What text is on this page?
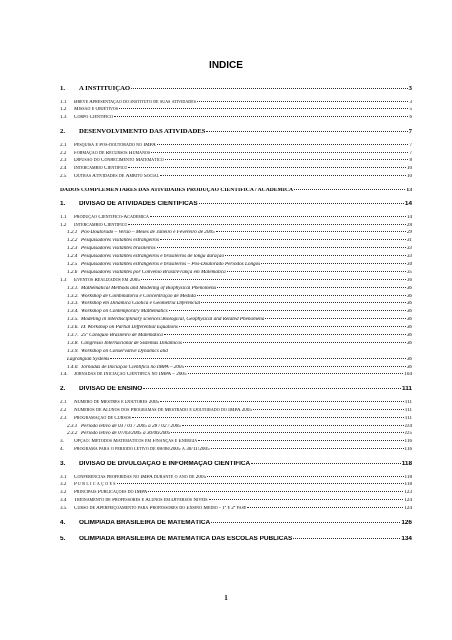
INDICE
1.	A INSTITUIÇÃO	3
1.1	Breve Apresentação do Instituto de suas atividades	3
1.2	Missão e Objetivos	5
1.3	Corpo Científico	6
2.	DESENVOLVIMENTO DAS ATIVIDADES	7
2.1	Pesquisa e Pós-doutorado no IMPA	7
2.2	Formação de Recursos Humanos	7
2.3	Difusão do Conhecimento Matemático	8
2.4	Intercâmbio Científico	10
2.5	Outras Atividades de Âmbito Social	10
DADOS COMPLEMENTARES DAS ATIVIDADES PRODUÇÃO CIENTÍFICA / ACADÊMICA	13
1.	DIVISÃO DE ATIVIDADES CIENTÍFICAS	14
1.1	Produção Científico-Acadêmica	14
1.2	Intercâmbio Científico	28
1.2.1 Pós-Doutorado – Verão – Meses de Janeiro e Fevereiro de 2005	29
1.2.2 Pesquisadores visitantes estrangeiros	31
1.2.3 Pesquisadores visitantes brasileiros	33
1.2.4 Pesquisadores visitantes estrangeiros e brasileiros de longa duração	33
1.2.5 Pesquisadores visitantes estrangeiros e brasileiros – Pós-Doutorado Períodos Longos	34
1.2.6 Pesquisadores visitantes por Convênio Brasil/França em Matemática	35
1.3	Eventos Realizados em 2005	36
1.3.1. Mathematical Methods and Modeling of Biophysical Phenomena	36
1.3.2. Workshop de Combinatória e Concentração de Medida	36
1.3.3. Workshop em Dinâmica Caótica e Geometria Diferencial	36
1.3.4. Workshop on Contemporary Mathematics	36
1.3.5. Modeling in interdisciplinary sciences:Biological, Geophysical and Related Phenomena	36
1.3.6. IX Workshop on Partial Differential Equations	36
1.3.7. 25º Colóquio Brasileiro de Matemática	36
1.3.8. Congresso Internacional de Sistemas Dinâmicos	36
1.3.9. Workshop on Conservative Dynamics and
Lagrangian Systems	36
1.4.0. Jornadas de Iniciação Científica no IMPA – 2005	36
1.4.	Jornadas de Iniciação Científica no IMPA – 2005	104
2.	DIVISÃO DE ENSINO	111
2.1	Número de Mestres e Doutores 2005	111
2.2	Números de Alunos dos Programas de Mestrado e Doutorado do IMPA 2005	111
2.3	Programação de Cursos	111
2.3.1 Período letivo de 03 / 01 / 2005 a 28 / 02 / 2005	114
2.3.2 Período letivo de 07/03/2005 a 30/06/2005	115
3.	Opção: Métodos Matemáticos em Finanças e Energia	116
4.	Programa para o período letivo de 08/08/2005 a 30/11/2005	116
3.	DIVISÃO DE DIVULGAÇÃO E INFORMAÇÃO CIENTÍFICA	118
3.1	Conferências proferidas no IMPA durante o ano de 2005	118
3.2	P u b l i c a ç õ e s	118
3.2	Principais Publicações do IMPA	123
3.4	Treinamento de Professores e Alunos em Diversos Níveis	124
3.5	Curso de Aperfeiçoamento para Professores do Ensino Médio - 1ª e 2ª fase	124
4.	OLIMPÍADA BRASILEIRA DE MATEMÁTICA	126
5.	OLIMPÍADA BRASILEIRA DE MATEMÁTICA DAS ESCOLAS PÚBLICAS	134
1
